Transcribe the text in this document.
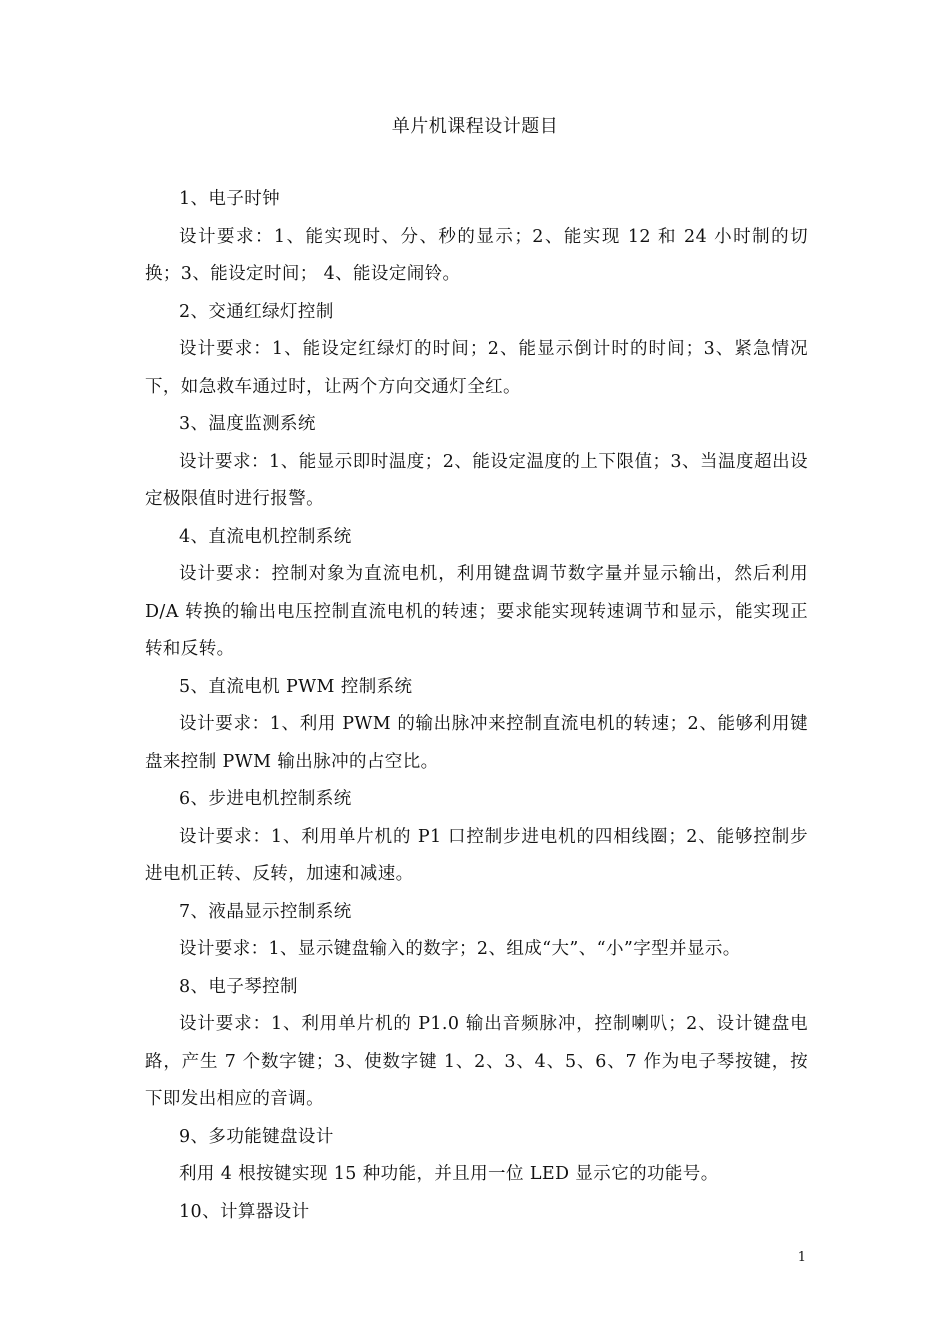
单片机课程设计题目
1、电子时钟

设计要求：1、能实现时、分、秒的显示；2、能实现 12 和 24 小时制的切换；3、能设定时间； 4、能设定闹铃。

2、交通红绿灯控制

设计要求：1、能设定红绿灯的时间；2、能显示倒计时的时间；3、紧急情况下，如急救车通过时，让两个方向交通灯全红。

3、温度监测系统

设计要求：1、能显示即时温度；2、能设定温度的上下限值；3、当温度超出设定极限值时进行报警。

4、直流电机控制系统

设计要求：控制对象为直流电机，利用键盘调节数字量并显示输出，然后利用 D/A 转换的输出电压控制直流电机的转速；要求能实现转速调节和显示，能实现正转和反转。

5、直流电机 PWM 控制系统

设计要求：1、利用 PWM 的输出脉冲来控制直流电机的转速；2、能够利用键盘来控制 PWM 输出脉冲的占空比。

6、步进电机控制系统

设计要求：1、利用单片机的 P1 口控制步进电机的四相线圈；2、能够控制步进电机正转、反转，加速和减速。

7、液晶显示控制系统

设计要求：1、显示键盘输入的数字；2、组成“大”、“小”字型并显示。

8、电子琴控制

设计要求：1、利用单片机的 P1.0 输出音频脉冲，控制喇叭；2、设计键盘电路，产生 7 个数字键；3、使数字键 1、2、3、4、5、6、7 作为电子琴按键，按下即发出相应的音调。

9、多功能键盘设计

利用 4 根按键实现 15 种功能，并且用一位 LED 显示它的功能号。

10、计算器设计
1
